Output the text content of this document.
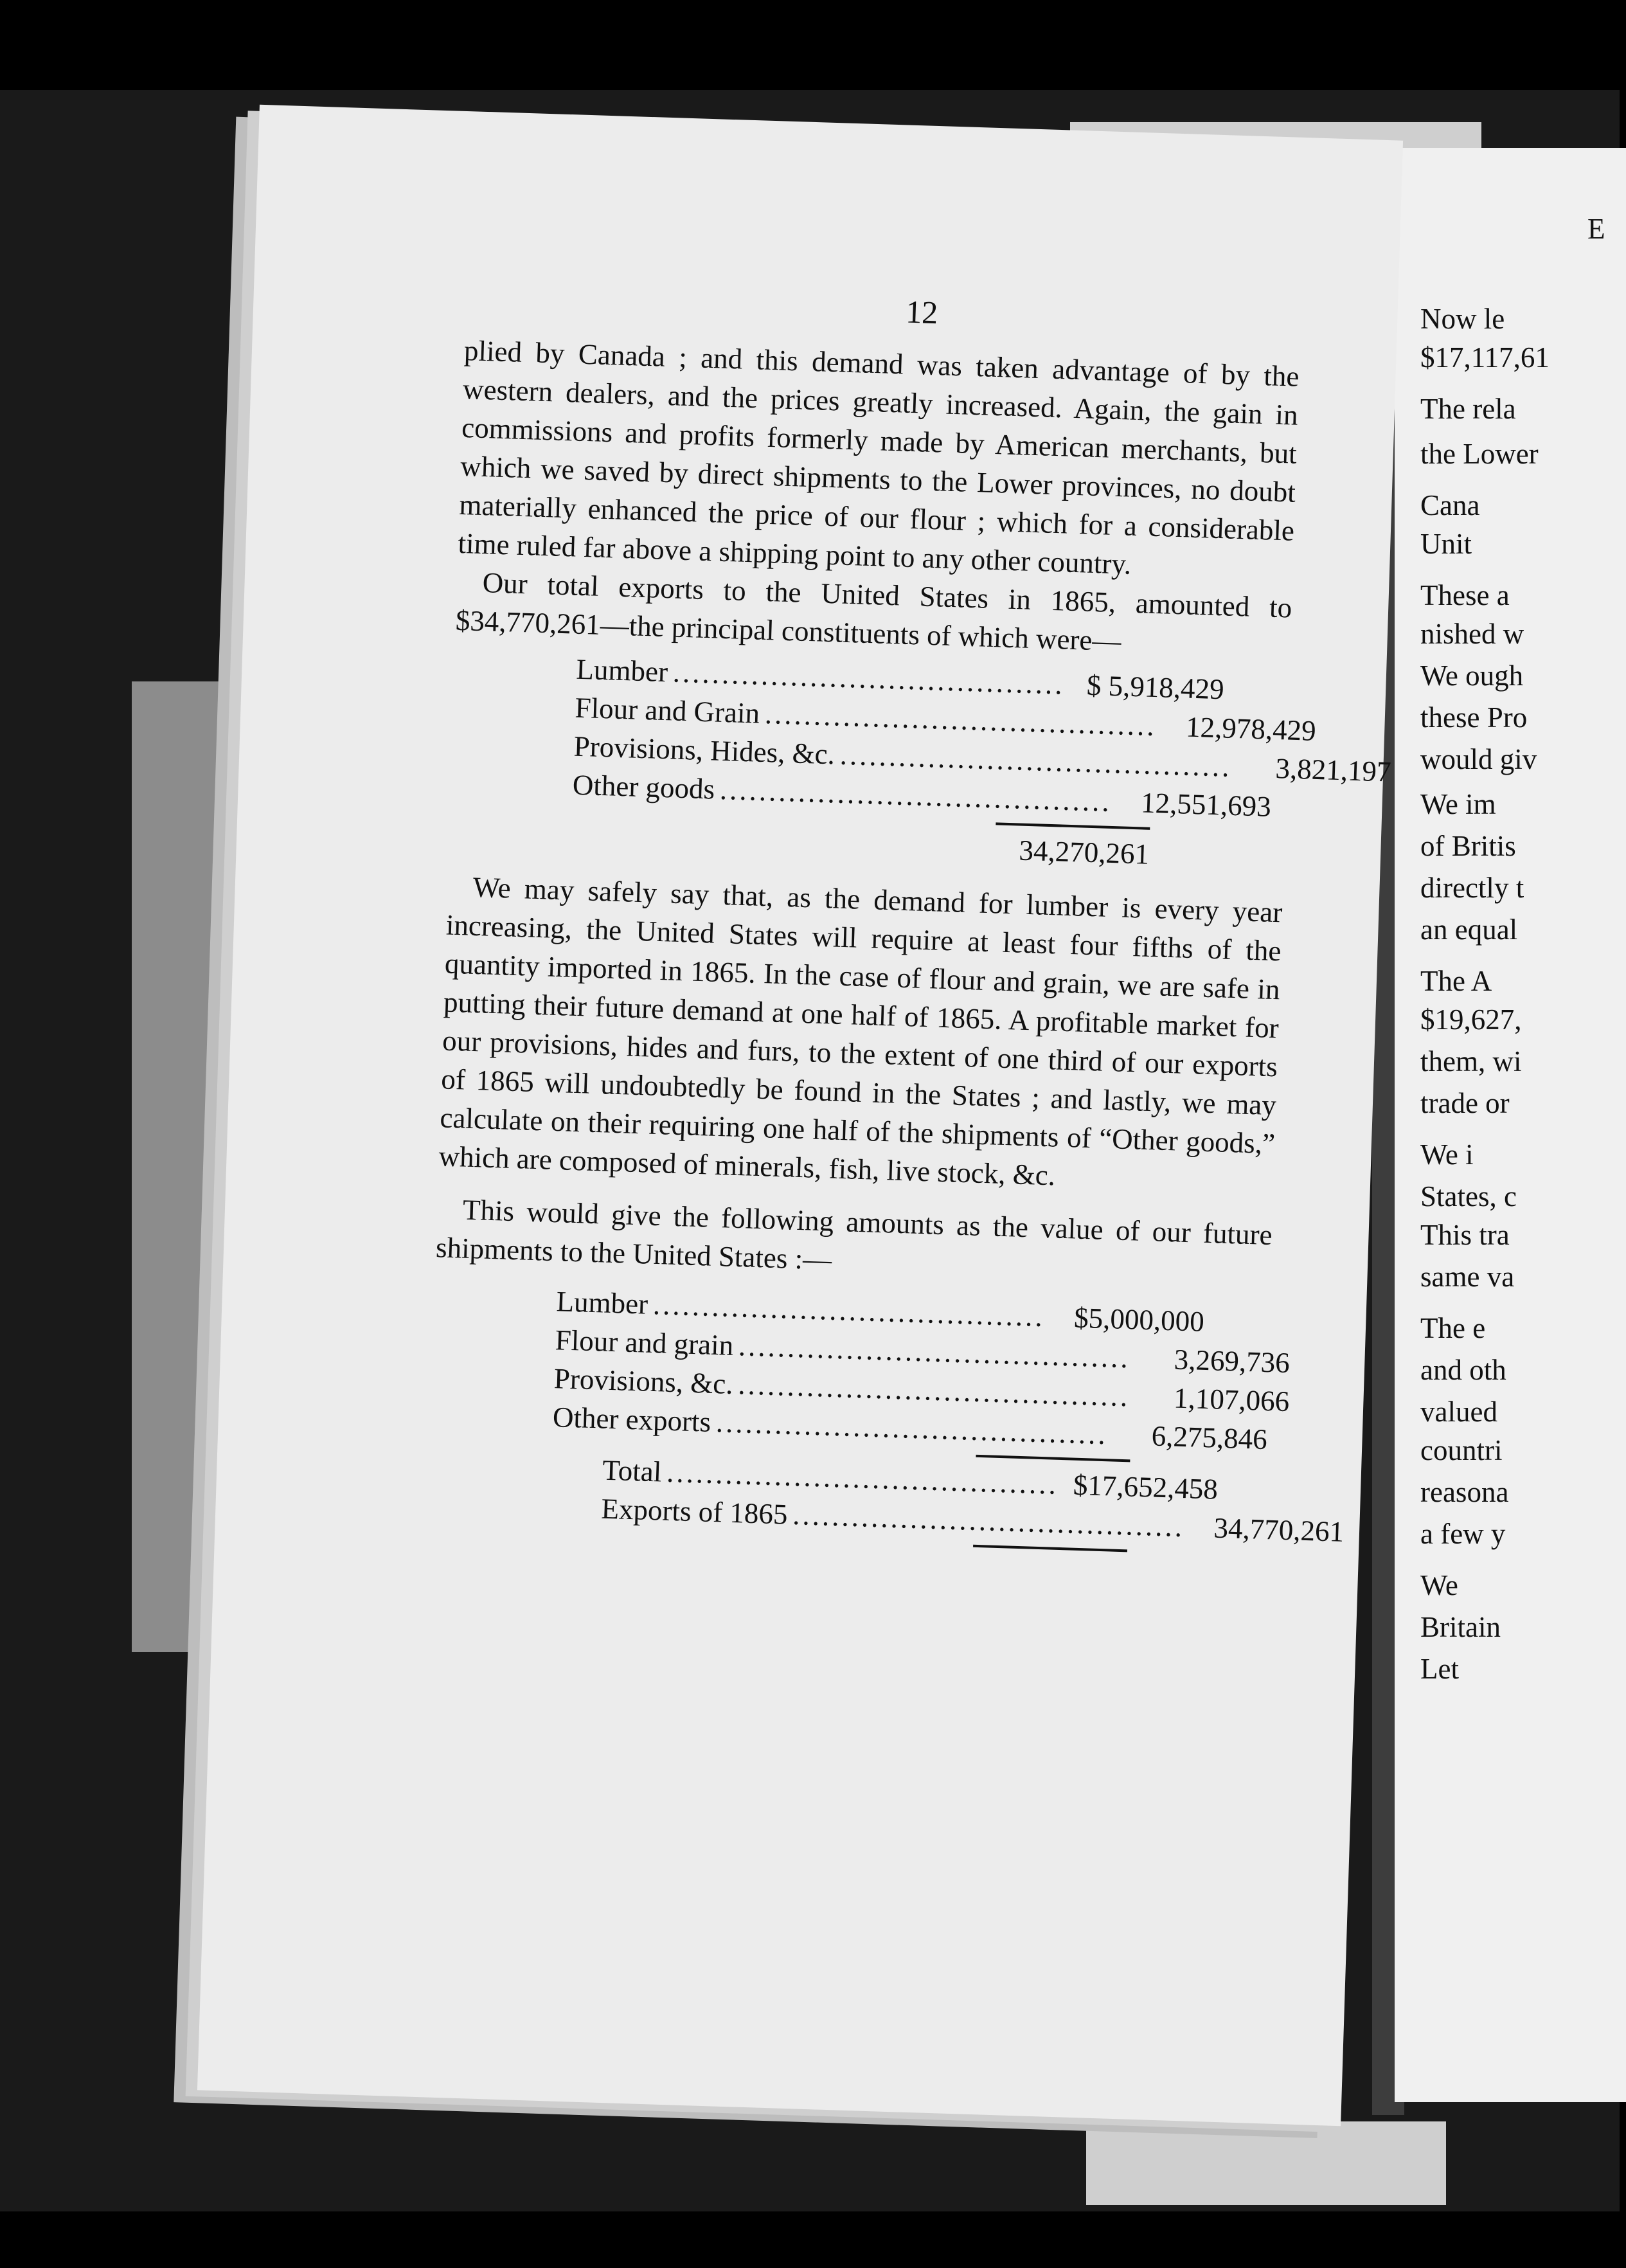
E
Now le
$17,117,61
The rela
the Lower
Cana
Unit
These a
nished w
We ough
these Pro
would giv
We im
of Britis
directly t
an equal
The A
$19,627,
them, wi
trade or
We i
States, c
This tra
same va
The e
and oth
valued
countri
reasona
a few y
We
Britain
Let
12

plied by Canada ; and this demand was taken advantage of by the western dealers, and the prices greatly increased. Again, the gain in commissions and profits formerly made by American merchants, but which we saved by direct shipments to the Lower provinces, no doubt materially enhanced the price of our flour ; which for a considerable time ruled far above a shipping point to any other country.

Our total exports to the United States in 1865, amounted to $34,770,261—the principal constituents of which were—

Lumber ........................................ $ 5,918,429
Flour and Grain ........................................ 12,978,429
Provisions, Hides, &c. ........................................	3,821,197
Other goods ........................................ 12,551,693
34,270,261

We may safely say that, as the demand for lumber is every year increasing, the United States will require at least four fifths of the quantity imported in 1865. In the case of flour and grain, we are safe in putting their future demand at one half of 1865. A profitable market for our provisions, hides and furs, to the extent of one third of our exports of 1865 will undoubtedly be found in the States ; and lastly, we may calculate on their requiring one half of the shipments of “Other goods,” which are composed of minerals, fish, live stock, &c.

This would give the following amounts as the value of our future shipments to the United States :—

Lumber ........................................ $5,000,000
Flour and grain ........................................	3,269,736
Provisions, &c. ........................................	1,107,066
Other exports ........................................	6,275,846
Total ........................................ $17,652,458
Exports of 1865 ........................................ 34,770,261
